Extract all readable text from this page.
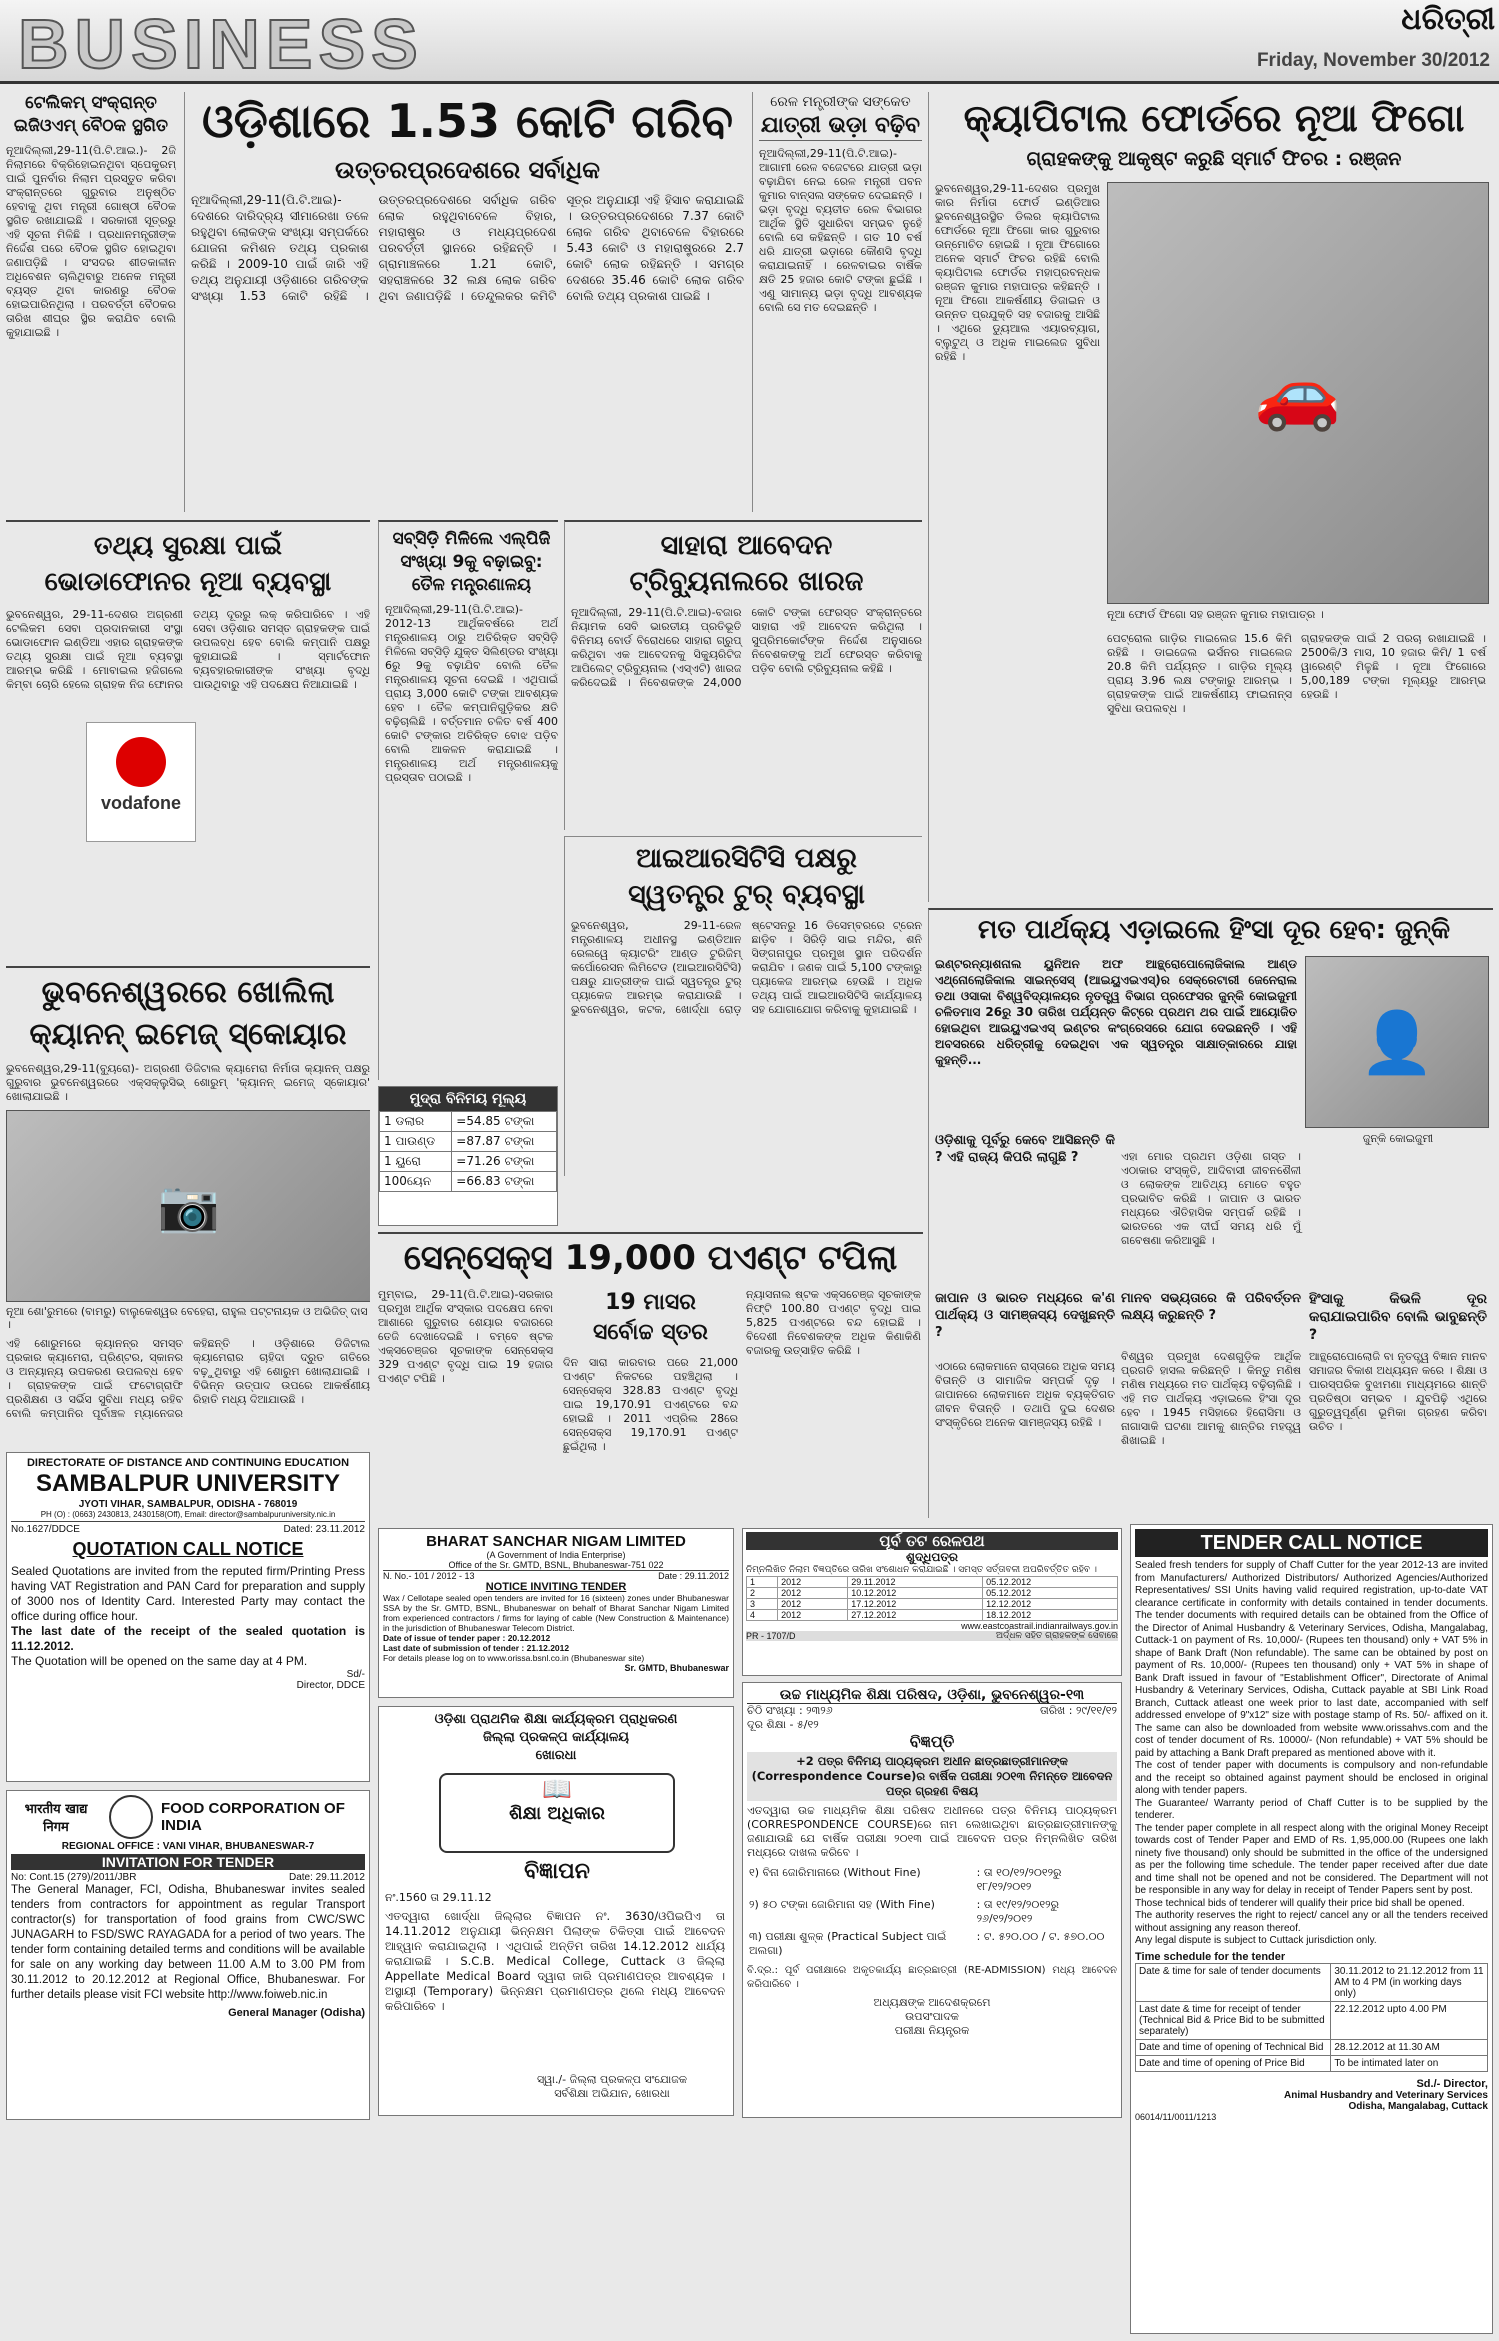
BUSINESS	ଧରିତ୍ରୀ
Friday, November 30/2012
ଟେଲିକମ୍ ସଂକ୍ରାନ୍ତ
ଇଜିଓଏମ୍ ବୈଠକ ସ୍ଥଗିତ
ନୂଆଦିଲ୍ଲୀ,29-11(ପି.ଟି.ଆଇ.)- 2ଜି ନିଲାମରେ ବିକ୍ରିହୋଇନଥିବା ସ୍ପେକ୍ଟ୍ରମ୍ ପାଇଁ ପୁନର୍ବାର ନିଲାମ ପ୍ରସ୍ତୁତ କରିବା ସଂକ୍ରାନ୍ତରେ ଗୁରୁବାର ଅନୁଷ୍ଠିତ ହେବାକୁ ଥିବା ମନ୍ତ୍ରୀ ଗୋଷ୍ଠୀ ବୈଠକ ସ୍ଥଗିତ ରଖାଯାଇଛି । ସରକାରୀ ସୂତ୍ରରୁ ଏହି ସୂଚନା ମିଳିଛି । ପ୍ରଧାନମନ୍ତ୍ରୀଙ୍କ ନିର୍ଦ୍ଦେଶ ପରେ ବୈଠକ ସ୍ଥଗିତ ହୋଇଥିବା ଜଣାପଡ଼ିଛି । ସଂସଦର ଶୀତକାଳୀନ ଅଧିବେଶନ ଚାଲିଥିବାରୁ ଅନେକ ମନ୍ତ୍ରୀ ବ୍ୟସ୍ତ ଥିବା କାରଣରୁ ବୈଠକ ହୋଇପାରିନଥିଲା । ପରବର୍ତ୍ତୀ ବୈଠକର ତାରିଖ ଶୀଘ୍ର ସ୍ଥିର କରାଯିବ ବୋଲି କୁହାଯାଇଛି ।
ଓଡ଼ିଶାରେ 1.53 କୋଟି ଗରିବ
ଉତ୍ତରପ୍ରଦେଶରେ ସର୍ବାଧିକ
ନୂଆଦିଲ୍ଲୀ,29-11(ପି.ଟି.ଆଇ)-ଦେଶରେ ଦାରିଦ୍ର୍ୟ ସୀମାରେଖା ତଳେ ରହୁଥିବା ଲୋକଙ୍କ ସଂଖ୍ୟା ସମ୍ପର୍କରେ ଯୋଜନା କମିଶନ ତଥ୍ୟ ପ୍ରକାଶ କରିଛି । 2009-10 ପାଇଁ ଜାରି ଏହି ତଥ୍ୟ ଅନୁଯାୟୀ ଓଡ଼ିଶାରେ ଗରିବଙ୍କ ସଂଖ୍ୟା 1.53 କୋଟି ରହିଛି । ଉତ୍ତରପ୍ରଦେଶରେ ସର୍ବାଧିକ ଗରିବ ଲୋକ ରହୁଥିବାବେଳେ ବିହାର, ମହାରାଷ୍ଟ୍ର ଓ ମଧ୍ୟପ୍ରଦେଶ ପରବର୍ତ୍ତୀ ସ୍ଥାନରେ ରହିଛନ୍ତି । ଗ୍ରାମାଞ୍ଚଳରେ 1.21 କୋଟି, ସହରାଞ୍ଚଳରେ 32 ଲକ୍ଷ ଲୋକ ଗରିବ ଥିବା ଜଣାପଡ଼ିଛି । ତେନ୍ଦୁଲକର କମିଟି ସୂତ୍ର ଅନୁଯାୟୀ ଏହି ହିସାବ କରାଯାଇଛି । ଉତ୍ତରପ୍ରଦେଶରେ 7.37 କୋଟି ଲୋକ ଗରିବ ଥିବାବେଳେ ବିହାରରେ 5.43 କୋଟି ଓ ମହାରାଷ୍ଟ୍ରରେ 2.7 କୋଟି ଲୋକ ରହିଛନ୍ତି । ସମଗ୍ର ଦେଶରେ 35.46 କୋଟି ଲୋକ ଗରିବ ବୋଲି ତଥ୍ୟ ପ୍ରକାଶ ପାଇଛି ।
ରେଳ ମନ୍ତ୍ରୀଙ୍କ ସଙ୍କେତ
ଯାତ୍ରୀ ଭଡ଼ା ବଢ଼ିବ
ନୂଆଦିଲ୍ଲୀ,29-11(ପି.ଟି.ଆଇ)-ଆଗାମୀ ରେଳ ବଜେଟରେ ଯାତ୍ରୀ ଭଡ଼ା ବଢ଼ାଯିବା ନେଇ ରେଳ ମନ୍ତ୍ରୀ ପବନ କୁମାର ବାନ୍ସଲ ସଙ୍କେତ ଦେଇଛନ୍ତି । ଭଡ଼ା ବୃଦ୍ଧି ବ୍ୟତୀତ ରେଳ ବିଭାଗର ଆର୍ଥିକ ସ୍ଥିତି ସୁଧାରିବା ସମ୍ଭବ ନୁହେଁ ବୋଲି ସେ କହିଛନ୍ତି । ଗତ 10 ବର୍ଷ ଧରି ଯାତ୍ରୀ ଭଡ଼ାରେ କୌଣସି ବୃଦ୍ଧି କରାଯାଇନାହିଁ । ରେଳବାଇର ବାର୍ଷିକ କ୍ଷତି 25 ହଜାର କୋଟି ଟଙ୍କା ଛୁଇଁଛି । ଏଣୁ ସାମାନ୍ୟ ଭଡ଼ା ବୃଦ୍ଧି ଆବଶ୍ୟକ ବୋଲି ସେ ମତ ଦେଇଛନ୍ତି ।
କ୍ୟାପିଟାଲ ଫୋର୍ଡରେ ନୂଆ ଫିଗୋ
ଗ୍ରାହକଙ୍କୁ ଆକୃଷ୍ଟ କରୁଛି ସ୍ମାର୍ଟ ଫିଚର : ରଞ୍ଜନ
ଭୁବନେଶ୍ୱର,29-11-ଦେଶର ପ୍ରମୁଖ କାର ନିର୍ମାତା ଫୋର୍ଡ ଇଣ୍ଡିଆର ଭୁବନେଶ୍ୱରସ୍ଥିତ ଡିଲର କ୍ୟାପିଟାଲ ଫୋର୍ଡରେ ନୂଆ ଫିଗୋ କାର ଗୁରୁବାର ଉନ୍ମୋଚିତ ହୋଇଛି । ନୂଆ ଫିଗୋରେ ଅନେକ ସ୍ମାର୍ଟ ଫିଚର ରହିଛି ବୋଲି କ୍ୟାପିଟାଲ ଫୋର୍ଡର ମହାପ୍ରବନ୍ଧକ ରଞ୍ଜନ କୁମାର ମହାପାତ୍ର କହିଛନ୍ତି । ନୂଆ ଫିଗୋ ଆକର୍ଷଣୀୟ ଡିଜାଇନ ଓ ଉନ୍ନତ ପ୍ରଯୁକ୍ତି ସହ ବଜାରକୁ ଆସିଛି । ଏଥିରେ ଡ୍ୟୁଆଲ ଏୟାରବ୍ୟାଗ, ବ୍ଲୁଟୁଥ୍ ଓ ଅଧିକ ମାଇଲେଜ ସୁବିଧା ରହିଛି ।	🚗
ନୂଆ ଫୋର୍ଡ ଫିଗୋ ସହ ରଞ୍ଜନ କୁମାର ମହାପାତ୍ର ।
ପେଟ୍ରୋଲ ଗାଡ଼ିର ମାଇଲେଜ 15.6 କିମି ରହିଛି । ଡାଇଜେଲ ଭର୍ସନର ମାଇଲେଜ 20.8 କିମି ପର୍ଯ୍ୟନ୍ତ । ଗାଡ଼ିର ମୂଲ୍ୟ ପ୍ରାୟ 3.96 ଲକ୍ଷ ଟଙ୍କାରୁ ଆରମ୍ଭ । ଗ୍ରାହକଙ୍କ ପାଇଁ ଆକର୍ଷଣୀୟ ଫାଇନାନ୍ସ ସୁବିଧା ଉପଲବ୍ଧ ।
ଗ୍ରାହକଙ୍କ ପାଇଁ 2 ପରଚା ରଖାଯାଇଛି । 2500କି/3 ମାସ, 10 ହଜାର କିମି/ 1 ବର୍ଷ ୱାରେଣ୍ଟି ମିଳୁଛି । ନୂଆ ଫିଗୋରେ 5,00,189 ଟଙ୍କା ମୂଲ୍ୟରୁ ଆରମ୍ଭ ହେଉଛି ।
ତଥ୍ୟ ସୁରକ୍ଷା ପାଇଁ
ଭୋଡାଫୋନର ନୂଆ ବ୍ୟବସ୍ଥା
ଭୁବନେଶ୍ୱର, 29-11-ଦେଶର ଅଗ୍ରଣୀ ଟେଲିକମ ସେବା ପ୍ରଦାନକାରୀ ସଂସ୍ଥା ଭୋଡାଫୋନ ଇଣ୍ଡିଆ ଏହାର ଗ୍ରାହକଙ୍କ ତଥ୍ୟ ସୁରକ୍ଷା ପାଇଁ ନୂଆ ବ୍ୟବସ୍ଥା ଆରମ୍ଭ କରିଛି । ମୋବାଇଲ ହଜିଗଲେ କିମ୍ବା ଚୋରି ହେଲେ ଗ୍ରାହକ ନିଜ ଫୋନର ତଥ୍ୟ ଦୂରରୁ ଲକ୍ କରିପାରିବେ । ଏହି ସେବା ଓଡ଼ିଶାର ସମସ୍ତ ଗ୍ରାହକଙ୍କ ପାଇଁ ଉପଲବ୍ଧ ହେବ ବୋଲି କମ୍ପାନି ପକ୍ଷରୁ କୁହାଯାଇଛି । ସ୍ମାର୍ଟଫୋନ ବ୍ୟବହାରକାରୀଙ୍କ ସଂଖ୍ୟା ବୃଦ୍ଧି ପାଉଥିବାରୁ ଏହି ପଦକ୍ଷେପ ନିଆଯାଇଛି ।
vodafone
ସବ୍‌ସିଡ଼ି ମିଳିଲେ ଏଲ୍‌ପିଜି
ସଂଖ୍ୟା 9କୁ ବଢ଼ାଇବୁ:
ତୈଳ ମନ୍ତ୍ରଣାଳୟ
ନୂଆଦିଲ୍ଲୀ,29-11(ପି.ଟି.ଆଇ)- 2012-13 ଆର୍ଥିକବର୍ଷରେ ଅର୍ଥ ମନ୍ତ୍ରଣାଳୟ ଠାରୁ ଅତିରିକ୍ତ ସବ୍‌ସିଡ଼ି ମିଳିଲେ ସବ୍‌ସିଡ଼ି ଯୁକ୍ତ ସିଲିଣ୍ଡର ସଂଖ୍ୟା 6ରୁ 9କୁ ବଢ଼ାଯିବ ବୋଲି ତୈଳ ମନ୍ତ୍ରଣାଳୟ ସୂଚନା ଦେଇଛି । ଏଥିପାଇଁ ପ୍ରାୟ 3,000 କୋଟି ଟଙ୍କା ଆବଶ୍ୟକ ହେବ । ତୈଳ କମ୍ପାନିଗୁଡ଼ିକର କ୍ଷତି ବଢ଼ିଚାଲିଛି । ବର୍ତ୍ତମାନ ଚଳିତ ବର୍ଷ 400 କୋଟି ଟଙ୍କାର ଅତିରିକ୍ତ ବୋଝ ପଡ଼ିବ ବୋଲି ଆକଳନ କରାଯାଇଛି । ମନ୍ତ୍ରଣାଳୟ ଅର୍ଥ ମନ୍ତ୍ରଣାଳୟକୁ ପ୍ରସ୍ତାବ ପଠାଇଛି ।
ସାହାରା ଆବେଦନ
ଟ୍ରିବ୍ୟୁନାଲରେ ଖାରଜ
ନୂଆଦିଲ୍ଲୀ, 29-11(ପି.ଟି.ଆଇ)-ବଜାର ନିୟାମକ ସେବି ଭାରତୀୟ ପ୍ରତିଭୂତି ବିନିମୟ ବୋର୍ଡ ବିରୋଧରେ ସାହାରା ଗ୍ରୁପ୍ କରିଥିବା ଏକ ଆବେଦନକୁ ସିକ୍ୟୁରିଟିଜ ଆପିଲେଟ୍ ଟ୍ରିବ୍ୟୁନାଲ (ଏସ୍‌ଏଟି) ଖାରଜ କରିଦେଇଛି । ନିବେଶକଙ୍କ 24,000 କୋଟି ଟଙ୍କା ଫେରସ୍ତ ସଂକ୍ରାନ୍ତରେ ସାହାରା ଏହି ଆବେଦନ କରିଥିଲା । ସୁପ୍ରିମକୋର୍ଟଙ୍କ ନିର୍ଦ୍ଦେଶ ଅନୁସାରେ ନିବେଶକଙ୍କୁ ଅର୍ଥ ଫେରସ୍ତ କରିବାକୁ ପଡ଼ିବ ବୋଲି ଟ୍ରିବ୍ୟୁନାଲ କହିଛି ।
ଆଇଆରସିଟିସି ପକ୍ଷରୁ
ସ୍ୱତନ୍ତ୍ର ଟୁର୍ ବ୍ୟବସ୍ଥା
ଭୁବନେଶ୍ୱର, 29-11-ରେଳ ମନ୍ତ୍ରଣାଳୟ ଅଧୀନସ୍ଥ ଇଣ୍ଡିଆନ ରେଲୱେ କ୍ୟାଟରିଂ ଆଣ୍ଡ ଟୁରିଜିମ୍ କର୍ପୋରେସନ ଲିମିଟେଡ (ଆଇଆରସିଟିସି) ପକ୍ଷରୁ ଯାତ୍ରୀଙ୍କ ପାଇଁ ସ୍ୱତନ୍ତ୍ର ଟୁର୍ ପ୍ୟାକେଜ ଆରମ୍ଭ କରାଯାଉଛି । ଭୁବନେଶ୍ୱର, କଟକ, ଖୋର୍ଦ୍ଧା ରୋଡ଼ ଷ୍ଟେସନରୁ 16 ଡିସେମ୍ବରରେ ଟ୍ରେନ ଛାଡ଼ିବ । ସିରିଡ଼ି ସାଇ ମନ୍ଦିର, ଶନି ସିଙ୍ଗନାପୁର ପ୍ରମୁଖ ସ୍ଥାନ ପରିଦର୍ଶନ କରାଯିବ । ଜଣକ ପାଇଁ 5,100 ଟଙ୍କାରୁ ପ୍ୟାକେଜ ଆରମ୍ଭ ହେଉଛି । ଅଧିକ ତଥ୍ୟ ପାଇଁ ଆଇଆରସିଟିସି କାର୍ଯ୍ୟାଳୟ ସହ ଯୋଗାଯୋଗ କରିବାକୁ କୁହାଯାଇଛି ।
ମତ ପାର୍ଥକ୍ୟ ଏଡ଼ାଇଲେ ହିଂସା ଦୂର ହେବ: ଜୁନ୍‌କି
ଇଣ୍ଟରନ୍ୟାଶନାଲ ୟୁନିଅନ ଅଫ ଆନ୍ଥ୍ରୋପୋଲୋଜିକାଲ ଆଣ୍ଡ ଏଥ୍ନୋଲୋଜିକାଲ ସାଇନ୍ସେସ୍ (ଆଇୟୁଏଇଏସ୍)ର ସେକ୍ରେଟାରୀ ଜେନେରାଲ ତଥା ଓସାକା ବିଶ୍ୱବିଦ୍ୟାଳୟର ନୃତତ୍ତ୍ୱ ବିଭାଗ ପ୍ରଫେସର ଜୁନ୍‌କି କୋଇଜୁମୀ ଚଳିତମାସ 26ରୁ 30 ତାରିଖ ପର୍ଯ୍ୟନ୍ତ କିଟ୍‌ରେ ପ୍ରଥମ ଥର ପାଇଁ ଆୟୋଜିତ ହୋଇଥିବା ଆଇୟୁଏଇଏସ୍ ଇଣ୍ଟର କଂଗ୍ରେସରେ ଯୋଗ ଦେଇଛନ୍ତି । ଏହି ଅବସରରେ ଧରିତ୍ରୀକୁ ଦେଇଥିବା ଏକ ସ୍ୱତନ୍ତ୍ର ସାକ୍ଷାତ୍କାରରେ ଯାହା କୁହନ୍ତି...	👤
ଜୁନ୍‌କି କୋଇଜୁମୀ
ଓଡ଼ିଶାକୁ ପୂର୍ବରୁ କେବେ ଆସିଛନ୍ତି କି ? ଏହି ରାଜ୍ୟ କିପରି ଲାଗୁଛି ?	ଏହା ମୋର ପ୍ରଥମ ଓଡ଼ିଶା ଗସ୍ତ । ଏଠାକାର ସଂସ୍କୃତି, ଆଦିବାସୀ ଜୀବନଶୈଳୀ ଓ ଲୋକଙ୍କ ଆତିଥ୍ୟ ମୋତେ ବହୁତ ପ୍ରଭାବିତ କରିଛି । ଜାପାନ ଓ ଭାରତ ମଧ୍ୟରେ ଐତିହାସିକ ସମ୍ପର୍କ ରହିଛି । ଭାରତରେ ଏକ ଦୀର୍ଘ ସମୟ ଧରି ମୁଁ ଗବେଷଣା କରିଆସୁଛି ।
ଜାପାନ ଓ ଭାରତ ମଧ୍ୟରେ କ'ଣ ପାର୍ଥକ୍ୟ ଓ ସାମଞ୍ଜସ୍ୟ ଦେଖୁଛନ୍ତି ?
ଏଠାରେ ଲୋକମାନେ ରାସ୍ତାରେ ଅଧିକ ସମୟ ବିତାନ୍ତି ଓ ସାମାଜିକ ସମ୍ପର୍କ ଦୃଢ଼ । ଜାପାନରେ ଲୋକମାନେ ଅଧିକ ବ୍ୟକ୍ତିଗତ ଜୀବନ ବିତାନ୍ତି । ତଥାପି ଦୁଇ ଦେଶର ସଂସ୍କୃତିରେ ଅନେକ ସାମଞ୍ଜସ୍ୟ ରହିଛି ।
ହିଂସାକୁ କିଭଳି ଦୂର କରାଯାଇପାରିବ ବୋଲି ଭାବୁଛନ୍ତି ?
ମାନବ ସଭ୍ୟତାରେ କି ପରିବର୍ତ୍ତନ ଲକ୍ଷ୍ୟ କରୁଛନ୍ତି ?
ବିଶ୍ୱର ପ୍ରମୁଖ ଦେଶଗୁଡ଼ିକ ଆର୍ଥିକ ପ୍ରଗତି ହାସଲ କରିଛନ୍ତି । କିନ୍ତୁ ମଣିଷ ମଣିଷ ମଧ୍ୟରେ ମତ ପାର୍ଥକ୍ୟ ବଢ଼ିଚାଲିଛି । ଏହି ମତ ପାର୍ଥକ୍ୟ ଏଡ଼ାଇଲେ ହିଂସା ଦୂର ହେବ । 1945 ମସିହାରେ ହିରୋସିମା ଓ ନାଗାସାକି ଘଟଣା ଆମକୁ ଶାନ୍ତିର ମହତ୍ତ୍ୱ ଶିଖାଇଛି ।
ଆନ୍ଥ୍ରୋପୋଲୋଜି ବା ନୃତତ୍ତ୍ୱ ବିଜ୍ଞାନ ମାନବ ସମାଜର ବିକାଶ ଅଧ୍ୟୟନ କରେ । ଶିକ୍ଷା ଓ ପାରସ୍ପରିକ ବୁଝାମଣା ମାଧ୍ୟମରେ ଶାନ୍ତି ପ୍ରତିଷ୍ଠା ସମ୍ଭବ । ଯୁବପିଢ଼ି ଏଥିରେ ଗୁରୁତ୍ୱପୂର୍ଣ୍ଣ ଭୂମିକା ଗ୍ରହଣ କରିବା ଉଚିତ ।
ଭୁବନେଶ୍ୱରରେ ଖୋଲିଲା
କ୍ୟାନନ୍ ଇମେଜ୍ ସ୍କୋୟାର
ଭୁବନେଶ୍ୱର,29-11(ବ୍ୟୁରୋ)- ଅଗ୍ରଣୀ ଡିଜିଟାଲ କ୍ୟାମେରା ନିର୍ମାତା କ୍ୟାନନ୍ ପକ୍ଷରୁ ଗୁରୁବାର ଭୁବନେଶ୍ୱରରେ ଏକ୍ସକ୍ଲୁସିଭ୍ ଶୋରୁମ୍ 'କ୍ୟାନନ୍ ଇମେଜ୍ ସ୍କୋୟାର' ଖୋଲାଯାଇଛି ।
📷
ନୂଆ ଶୋ'ରୁମରେ (ବାମରୁ) ବାଲୁକେଶ୍ୱର ବେହେରା, ରାହୁଲ ପଟ୍ଟନାୟକ ଓ ଅଭିଜିତ୍ ଦାସ ।
ଏହି ଶୋରୁମରେ କ୍ୟାନନ୍‌ର ସମସ୍ତ ପ୍ରକାର କ୍ୟାମେରା, ପ୍ରିଣ୍ଟର, ସ୍କାନର ଓ ଅନ୍ୟାନ୍ୟ ଉପକରଣ ଉପଲବ୍ଧ ହେବ । ଗ୍ରାହକଙ୍କ ପାଇଁ ଫଟୋଗ୍ରାଫି ପ୍ରଶିକ୍ଷଣ ଓ ସର୍ଭିସ ସୁବିଧା ମଧ୍ୟ ରହିବ ବୋଲି କମ୍ପାନିର ପୂର୍ବାଞ୍ଚଳ ମ୍ୟାନେଜର କହିଛନ୍ତି । ଓଡ଼ିଶାରେ ଡିଜିଟାଲ କ୍ୟାମେରାର ଚାହିଦା ଦ୍ରୁତ ଗତିରେ ବଢ଼ୁଥିବାରୁ ଏହି ଶୋରୁମ ଖୋଲାଯାଇଛି । ବିଭିନ୍ନ ଉତ୍ପାଦ ଉପରେ ଆକର୍ଷଣୀୟ ରିହାତି ମଧ୍ୟ ଦିଆଯାଉଛି ।
ମୁଦ୍ରା ବିନିମୟ ମୂଲ୍ୟ
1 ଡଲାର	=54.85 ଟଙ୍କା
1 ପାଉଣ୍ଡ	=87.87 ଟଙ୍କା
1 ୟୁରୋ	=71.26 ଟଙ୍କା
100ୟେନ	=66.83 ଟଙ୍କା
ସେନ୍‌ସେକ୍ସ 19,000 ପଏଣ୍ଟ ଟପିଲା
ମୁମ୍ବାଇ, 29-11(ପି.ଟି.ଆଇ)-ସରକାର ପ୍ରମୁଖ ଆର୍ଥିକ ସଂସ୍କାର ପଦକ୍ଷେପ ନେବା ଆଶାରେ ଗୁରୁବାର ଶେୟାର ବଜାରରେ ତେଜି ଦେଖାଦେଇଛି । ବମ୍ବେ ଷ୍ଟକ ଏକ୍ସଚେଞ୍ଜର ସୂଚକାଙ୍କ ସେନ୍‌ସେକ୍ସ 329 ପଏଣ୍ଟ ବୃଦ୍ଧି ପାଇ 19 ହଜାର ପଏଣ୍ଟ ଟପିଛି ।
19 ମାସର
ସର୍ବୋଚ୍ଚ ସ୍ତର
ଦିନ ସାରା କାରବାର ପରେ 21,000 ପଏଣ୍ଟ ନିକଟରେ ପହଞ୍ଚିଥିଲା । ସେନ୍‌ସେକ୍ସ 328.83 ପଏଣ୍ଟ ବୃଦ୍ଧି ପାଇ 19,170.91 ପଏଣ୍ଟରେ ବନ୍ଦ ହୋଇଛି । 2011 ଏପ୍ରିଲ 28ରେ ସେନ୍‌ସେକ୍ସ 19,170.91 ପଏଣ୍ଟ ଛୁଇଁଥିଲା ।
ନ୍ୟାସନାଲ ଷ୍ଟକ ଏକ୍ସଚେଞ୍ଜ ସୂଚକାଙ୍କ ନିଫ୍ଟି 100.80 ପଏଣ୍ଟ ବୃଦ୍ଧି ପାଇ 5,825 ପଏଣ୍ଟରେ ବନ୍ଦ ହୋଇଛି । ବିଦେଶୀ ନିବେଶକଙ୍କ ଅଧିକ କିଣାକିଣି ବଜାରକୁ ଉତ୍ସାହିତ କରିଛି ।
BHARAT SANCHAR NIGAM LIMITED
(A Government of India Enterprise)
Office of the Sr. GMTD, BSNL, Bhubaneswar-751 022
N. No.- 101 / 2012 - 13	Date : 29.11.2012
NOTICE INVITING TENDER
Wax / Cellotape sealed open tenders are invited for 16 (sixteen) zones under Bhubaneswar SSA by the Sr. GMTD, BSNL, Bhubaneswar on behalf of Bharat Sanchar Nigam Limited from experienced contractors / firms for laying of cable (New Construction & Maintenance) in the jurisdiction of Bhubaneswar Telecom District.
Date of issue of tender paper : 20.12.2012
Last date of submission of tender : 21.12.2012
For details please log on to www.orissa.bsnl.co.in (Bhubaneswar site)
Sr. GMTD, Bhubaneswar
DIRECTORATE OF DISTANCE AND CONTINUING EDUCATION
SAMBALPUR UNIVERSITY
JYOTI VIHAR, SAMBALPUR, ODISHA - 768019
PH (O) : (0663) 2430813, 2430158(Off), Email: director@sambalpuruniversity.nic.in
No.1627/DDCE	Dated: 23.11.2012
QUOTATION CALL NOTICE
Sealed Quotations are invited from the reputed firm/Printing Press having VAT Registration and PAN Card for preparation and supply of 3000 nos of Identity Card. Interested Party may contact the office during office hour.
The last date of the receipt of the sealed quotation is 11.12.2012.
The Quotation will be opened on the same day at 4 PM.
Sd/-
Director, DDCE
भारतीय खाद्य निगम
FOOD CORPORATION OF INDIA
REGIONAL OFFICE : VANI VIHAR, BHUBANESWAR-7
INVITATION FOR TENDER
No: Cont.15 (279)/2011/JBR	Date: 29.11.2012
The General Manager, FCI, Odisha, Bhubaneswar invites sealed tenders from contractors for appointment as regular Transport contractor(s) for transportation of food grains from CWC/SWC JUNAGARH to FSD/SWC RAYAGADA for a period of two years. The tender form containing detailed terms and conditions will be available for sale on any working day between 11.00 A.M to 3.00 PM from 30.11.2012 to 20.12.2012 at Regional Office, Bhubaneswar. For further details please visit FCI website http://www.foiweb.nic.in
General Manager (Odisha)
ଓଡ଼ିଶା ପ୍ରାଥମିକ ଶିକ୍ଷା କାର୍ଯ୍ୟକ୍ରମ ପ୍ରାଧିକରଣ
ଜିଲ୍ଲା ପ୍ରକଳ୍ପ କାର୍ଯ୍ୟାଳୟ
ଖୋରଧା
📖
ଶିକ୍ଷା ଅଧିକାର
ବିଜ୍ଞାପନ
ନଂ.1560 ତା 29.11.12
ଏତଦ୍ୱାରା ଖୋର୍ଦ୍ଧା ଜିଲ୍ଲାର ବିଜ୍ଞାପନ ନଂ. 3630/ଓପିଇପିଏ ତା 14.11.2012 ଅନୁଯାୟୀ ଭିନ୍ନକ୍ଷମ ପିଲାଙ୍କ ଚିକିତ୍ସା ପାଇଁ ଆବେଦନ ଆହ୍ୱାନ କରାଯାଇଥିଲା । ଏଥିପାଇଁ ଅନ୍ତିମ ତାରିଖ 14.12.2012 ଧାର୍ଯ୍ୟ କରାଯାଇଛି । S.C.B. Medical College, Cuttack ଓ ଜିଲ୍ଲା Appellate Medical Board ଦ୍ୱାରା ଜାରି ପ୍ରମାଣପତ୍ର ଆବଶ୍ୟକ । ଅସ୍ଥାୟୀ (Temporary) ଭିନ୍ନକ୍ଷମ ପ୍ରମାଣପତ୍ର ଥିଲେ ମଧ୍ୟ ଆବେଦନ କରିପାରିବେ ।
ସ୍ୱା./- ଜିଲ୍ଲା ପ୍ରକଳ୍ପ ସଂଯୋଜକ
ସର୍ବଶିକ୍ଷା ଅଭିଯାନ, ଖୋରଧା
ପୂର୍ବ ତଟ ରେଳପଥ
ଶୁଦ୍ଧିପତ୍ର
ନିମ୍ନଲିଖିତ ନିଲାମ ବିଜ୍ଞପ୍ତିରେ ତାରିଖ ସଂଶୋଧନ କରାଯାଇଛି । ସମସ୍ତ ସର୍ତ୍ତାବଳୀ ଅପରିବର୍ତ୍ତିତ ରହିବ ।
1	2012	29.11.2012	05.12.2012
2	2012	10.12.2012	05.12.2012
3	2012	17.12.2012	12.12.2012
4	2012	27.12.2012	18.12.2012
www.eastcoastrail.indianrailways.gov.in
PR - 1707/D	ଅର୍ଦ୍ଧଳ ସହିତ ଗ୍ରାହକଙ୍କ ସେବାରେ
ଉଚ୍ଚ ମାଧ୍ୟମିକ ଶିକ୍ଷା ପରିଷଦ, ଓଡ଼ିଶା, ଭୁବନେଶ୍ୱର-୧୩
ଚିଠି ସଂଖ୍ୟା : ୨୩୨୬	ତାରିଖ : ୨୯/୧୧/୧୨
ଦୂର ଶିକ୍ଷା - ୫/୧୨
ବିଜ୍ଞପ୍ତି
+2 ପତ୍ର ବିନିମୟ ପାଠ୍ୟକ୍ରମ ଅଧୀନ ଛାତ୍ରଛାତ୍ରୀମାନଙ୍କ (Correspondence Course)ର ବାର୍ଷିକ ପରୀକ୍ଷା ୨୦୧୩ ନିମନ୍ତେ ଆବେଦନ ପତ୍ର ଗ୍ରହଣ ବିଷୟ
ଏତଦ୍ୱାରା ଉଚ୍ଚ ମାଧ୍ୟମିକ ଶିକ୍ଷା ପରିଷଦ ଅଧୀନରେ ପତ୍ର ବିନିମୟ ପାଠ୍ୟକ୍ରମ (CORRESPONDENCE COURSE)ରେ ନାମ ଲେଖାଇଥିବା ଛାତ୍ରଛାତ୍ରୀମାନଙ୍କୁ ଜଣାଯାଉଛି ଯେ ବାର୍ଷିକ ପରୀକ୍ଷା ୨୦୧୩ ପାଇଁ ଆବେଦନ ପତ୍ର ନିମ୍ନଲିଖିତ ତାରିଖ ମଧ୍ୟରେ ଦାଖଲ କରିବେ ।
୧) ବିନା ଜୋରିମାନାରେ (Without Fine)	: ତା ୧୦/୧୨/୨୦୧୨ରୁ ୧୮/୧୨/୨୦୧୨
୨) ୫୦ ଟଙ୍କା ଜୋରିମାନା ସହ (With Fine)	: ତା ୧୯/୧୨/୨୦୧୨ରୁ ୨୬/୧୨/୨୦୧୨
୩) ପରୀକ୍ଷା ଶୁଳ୍କ (Practical Subject ପାଇଁ ଅଲଗା)	: ଟ. ୫୨୦.୦୦ / ଟ. ୫୭୦.୦୦
ବି.ଦ୍ର.: ପୂର୍ବ ପରୀକ୍ଷାରେ ଅକୃତକାର୍ଯ୍ୟ ଛାତ୍ରଛାତ୍ରୀ (RE-ADMISSION) ମଧ୍ୟ ଆବେଦନ କରିପାରିବେ ।
ଅଧ୍ୟକ୍ଷଙ୍କ ଆଦେଶକ୍ରମେ
ଉପସଂପାଦକ
ପରୀକ୍ଷା ନିୟନ୍ତ୍ରକ
TENDER CALL NOTICE
Sealed fresh tenders for supply of Chaff Cutter for the year 2012-13 are invited from Manufacturers/ Authorized Distributors/ Authorized Agencies/Authorized Representatives/ SSI Units having valid required registration, up-to-date VAT clearance certificate in conformity with details contained in tender documents. The tender documents with required details can be obtained from the Office of the Director of Animal Husbandry & Veterinary Services, Odisha, Mangalabag, Cuttack-1 on payment of Rs. 10,000/- (Rupees ten thousand) only + VAT 5% in shape of Bank Draft (Non refundable). The same can be obtained by post on payment of Rs. 10,000/- (Rupees ten thousand) only + VAT 5% in shape of Bank Draft issued in favour of "Establishment Officer", Directorate of Animal Husbandry & Veterinary Services, Odisha, Cuttack payable at SBI Link Road Branch, Cuttack atleast one week prior to last date, accompanied with self addressed envelope of 9"x12" size with postage stamp of Rs. 50/- affixed on it. The same can also be downloaded from website www.orissahvs.com and the cost of tender document of Rs. 10000/- (Non refundable) + VAT 5% should be paid by attaching a Bank Draft prepared as mentioned above with it.
The cost of tender paper with documents is compulsory and non-refundable and the receipt so obtained against payment should be enclosed in original along with tender papers.
The Guarantee/ Warranty period of Chaff Cutter is to be supplied by the tenderer.
The tender paper complete in all respect along with the original Money Receipt towards cost of Tender Paper and EMD of Rs. 1,95,000.00 (Rupees one lakh ninety five thousand) only should be submitted in the office of the undersigned as per the following time schedule. The tender paper received after due date and time shall not be opened and not be considered. The Department will not be responsible in any way for delay in receipt of Tender Papers sent by post.
Those technical bids of tenderer will qualify their price bid shall be opened.
The authority reserves the right to reject/ cancel any or all the tenders received without assigning any reason thereof.
Any legal dispute is subject to Cuttack jurisdiction only.
Time schedule for the tender
Date & time for sale of tender documents	30.11.2012 to 21.12.2012 from 11 AM to 4 PM (in working days only)
Last date & time for receipt of tender (Technical Bid & Price Bid to be submitted separately)	22.12.2012 upto 4.00 PM
Date and time of opening of Technical Bid	28.12.2012 at 11.30 AM
Date and time of opening of Price Bid	To be intimated later on
Sd./- Director,
Animal Husbandry and Veterinary Services
Odisha, Mangalabag, Cuttack
06014/11/0011/1213
